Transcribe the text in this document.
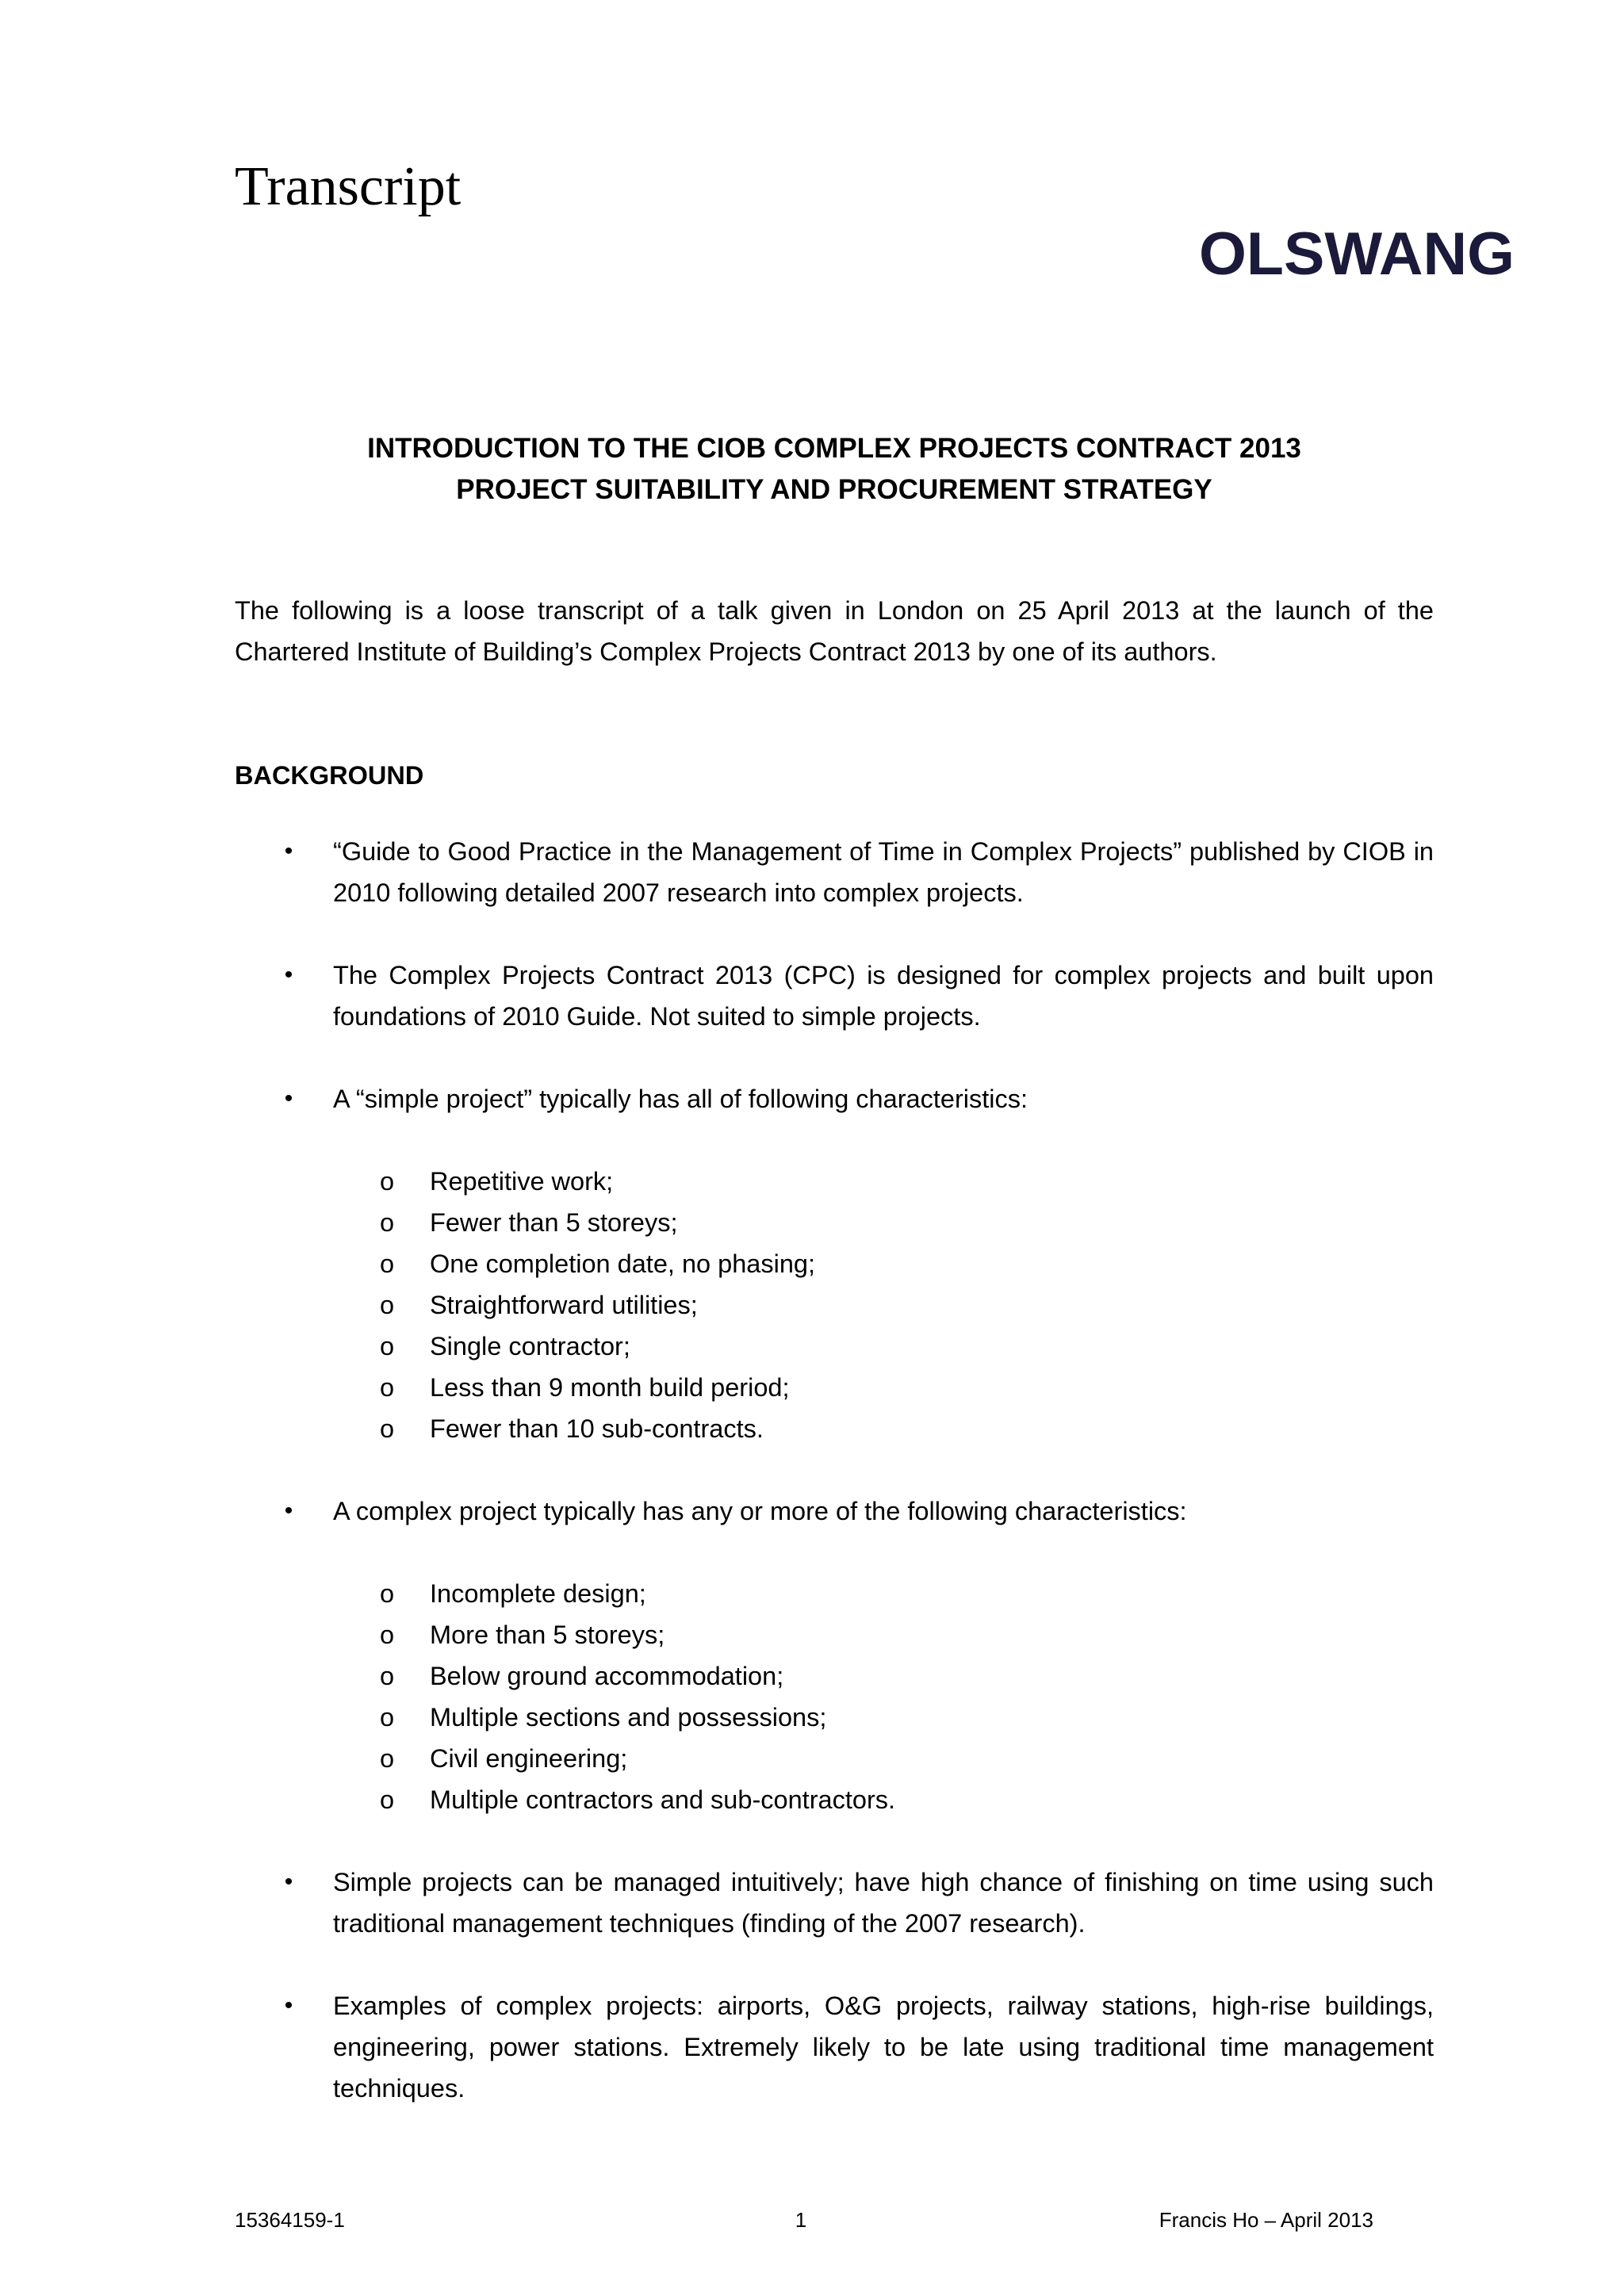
Transcript
OLSWANG
INTRODUCTION TO THE CIOB COMPLEX PROJECTS CONTRACT 2013
PROJECT SUITABILITY AND PROCUREMENT STRATEGY

The following is a loose transcript of a talk given in London on 25 April 2013 at the launch of the Chartered Institute of Building’s Complex Projects Contract 2013 by one of its authors.

BACKGROUND
• “Guide to Good Practice in the Management of Time in Complex Projects” published by CIOB in 2010 following detailed 2007 research into complex projects.
• The Complex Projects Contract 2013 (CPC) is designed for complex projects and built upon foundations of 2010 Guide. Not suited to simple projects.
• A “simple project” typically has all of following characteristics:
o Repetitive work;
o Fewer than 5 storeys;
o One completion date, no phasing;
o Straightforward utilities;
o Single contractor;
o Less than 9 month build period;
o Fewer than 10 sub-contracts.
• A complex project typically has any or more of the following characteristics:
o Incomplete design;
o More than 5 storeys;
o Below ground accommodation;
o Multiple sections and possessions;
o Civil engineering;
o Multiple contractors and sub-contractors.
• Simple projects can be managed intuitively; have high chance of finishing on time using such traditional management techniques (finding of the 2007 research).
• Examples of complex projects: airports, O&G projects, railway stations, high-rise buildings, engineering, power stations. Extremely likely to be late using traditional time management techniques.
15364159-1	1	Francis Ho – April 2013
